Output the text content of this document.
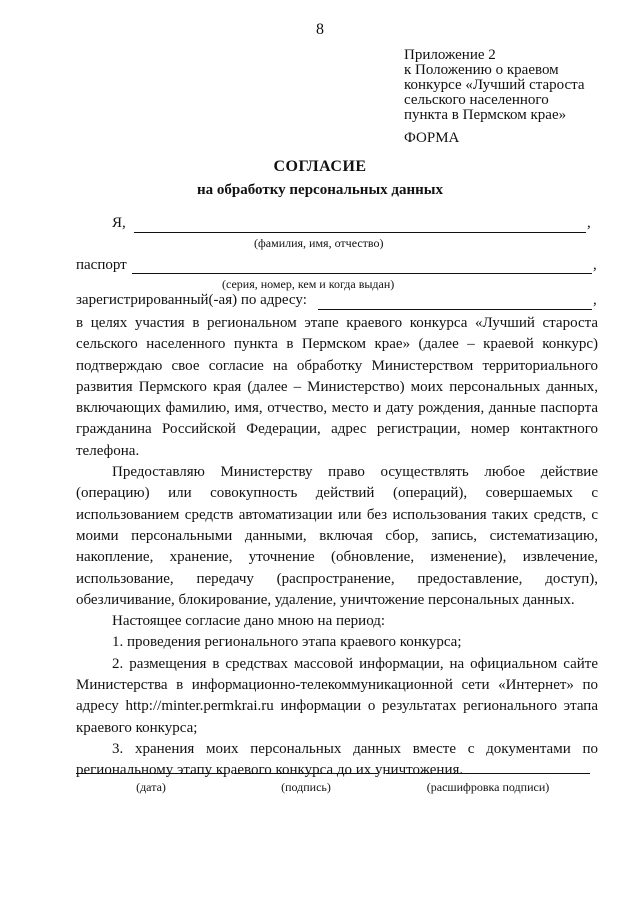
8
Приложение 2
к Положению о краевом
конкурсе «Лучший староста
сельского населенного
пункта в Пермском крае»
ФОРМА
СОГЛАСИЕ
на обработку персональных данных
Я,	,
(фамилия, имя, отчество)
паспорт	,
(серия, номер, кем и когда выдан)
зарегистрированный(-ая) по адресу:	,

в целях участия в региональном этапе краевого конкурса «Лучший староста сельского населенного пункта в Пермском крае» (далее – краевой конкурс) подтверждаю свое согласие на обработку Министерством территориального развития Пермского края (далее – Министерство) моих персональных данных, включающих фамилию, имя, отчество, место и дату рождения, данные паспорта гражданина Российской Федерации, адрес регистрации, номер контактного телефона.

Предоставляю Министерству право осуществлять любое действие (операцию) или совокупность действий (операций), совершаемых с использованием средств автоматизации или без использования таких средств, с моими персональными данными, включая сбор, запись, систематизацию, накопление, хранение, уточнение (обновление, изменение), извлечение, использование, передачу (распространение, предоставление, доступ), обезличивание, блокирование, удаление, уничтожение персональных данных.

Настоящее согласие дано мною на период:

1. проведения регионального этапа краевого конкурса;

2. размещения в средствах массовой информации, на официальном сайте Министерства в информационно-телекоммуникационной сети «Интернет» по адресу http://minter.permkrai.ru информации о результатах регионального этапа краевого конкурса;

3. хранения моих персональных данных вместе с документами по региональному этапу краевого конкурса до их уничтожения.

(дата)	(подпись)	(расшифровка подписи)
